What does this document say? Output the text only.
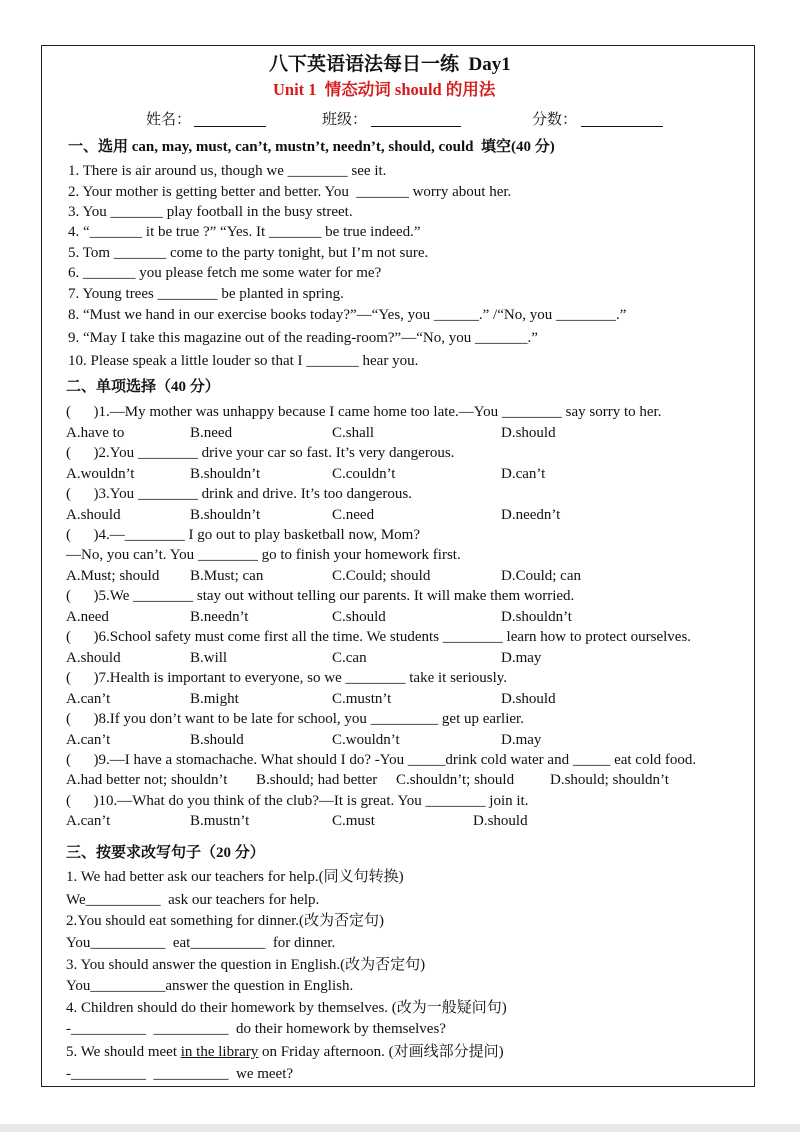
八下英语语法每日一练  Day1
Unit 1  情态动词 should 的用法
姓名：	班级：	分数：
一、选用 can, may, must, can’t, mustn’t, needn’t, should, could  填空(40 分)
1. There is air around us, though we ________ see it.
2. Your mother is getting better and better. You  _______ worry about her.
3. You _______ play football in the busy street.
4. “_______ it be true ?” “Yes. It _______ be true indeed.”
5. Tom _______ come to the party tonight, but I’m not sure.
6. _______ you please fetch me some water for me?
7. Young trees ________ be planted in spring.
8. “Must we hand in our exercise books today?”—“Yes, you ______.” /“No, you ________.”
9. “May I take this magazine out of the reading-room?”—“No, you _______.”
10. Please speak a little louder so that I _______ hear you.
二、单项选择（40 分）
(      )1.—My mother was unhappy because I came home too late.—You ________ say sorry to her.
A.have to	B.need	C.shall	D.should
(      )2.You ________ drive your car so fast. It’s very dangerous.
A.wouldn’t	B.shouldn’t	C.couldn’t	D.can’t
(      )3.You ________ drink and drive. It’s too dangerous.
A.should	B.shouldn’t	C.need	D.needn’t
(      )4.—________ I go out to play basketball now, Mom?
—No, you can’t. You ________ go to finish your homework first.
A.Must; should B.Must; can	C.Could; should	D.Could; can
(      )5.We ________ stay out without telling our parents. It will make them worried.
A.need	B.needn’t	C.should	D.shouldn’t
(      )6.School safety must come first all the time. We students ________ learn how to protect ourselves.
A.should	B.will	C.can	D.may
(      )7.Health is important to everyone, so we ________ take it seriously.
A.can’t	B.might	C.mustn’t	D.should
(      )8.If you don’t want to be late for school, you _________ get up earlier.
A.can’t	B.should	C.wouldn’t	D.may
(      )9.—I have a stomachache. What should I do? -You _____drink cold water and _____ eat cold food.
A.had better not; shouldn’t B.should; had better C.shouldn’t; should D.should; shouldn’t
(      )10.—What do you think of the club?—It is great. You ________ join it.
A.can’t	B.mustn’t	C.must	D.should
三、按要求改写句子（20 分）
1. We had better ask our teachers for help.(同义句转换)
We__________  ask our teachers for help.
2.You should eat something for dinner.(改为否定句)
You__________  eat__________  for dinner.
3. You should answer the question in English.(改为否定句)
You__________answer the question in English.
4. Children should do their homework by themselves. (改为一般疑问句)
-__________  __________  do their homework by themselves?
5. We should meet in the library on Friday afternoon. (对画线部分提问)
-__________  __________  we meet?
